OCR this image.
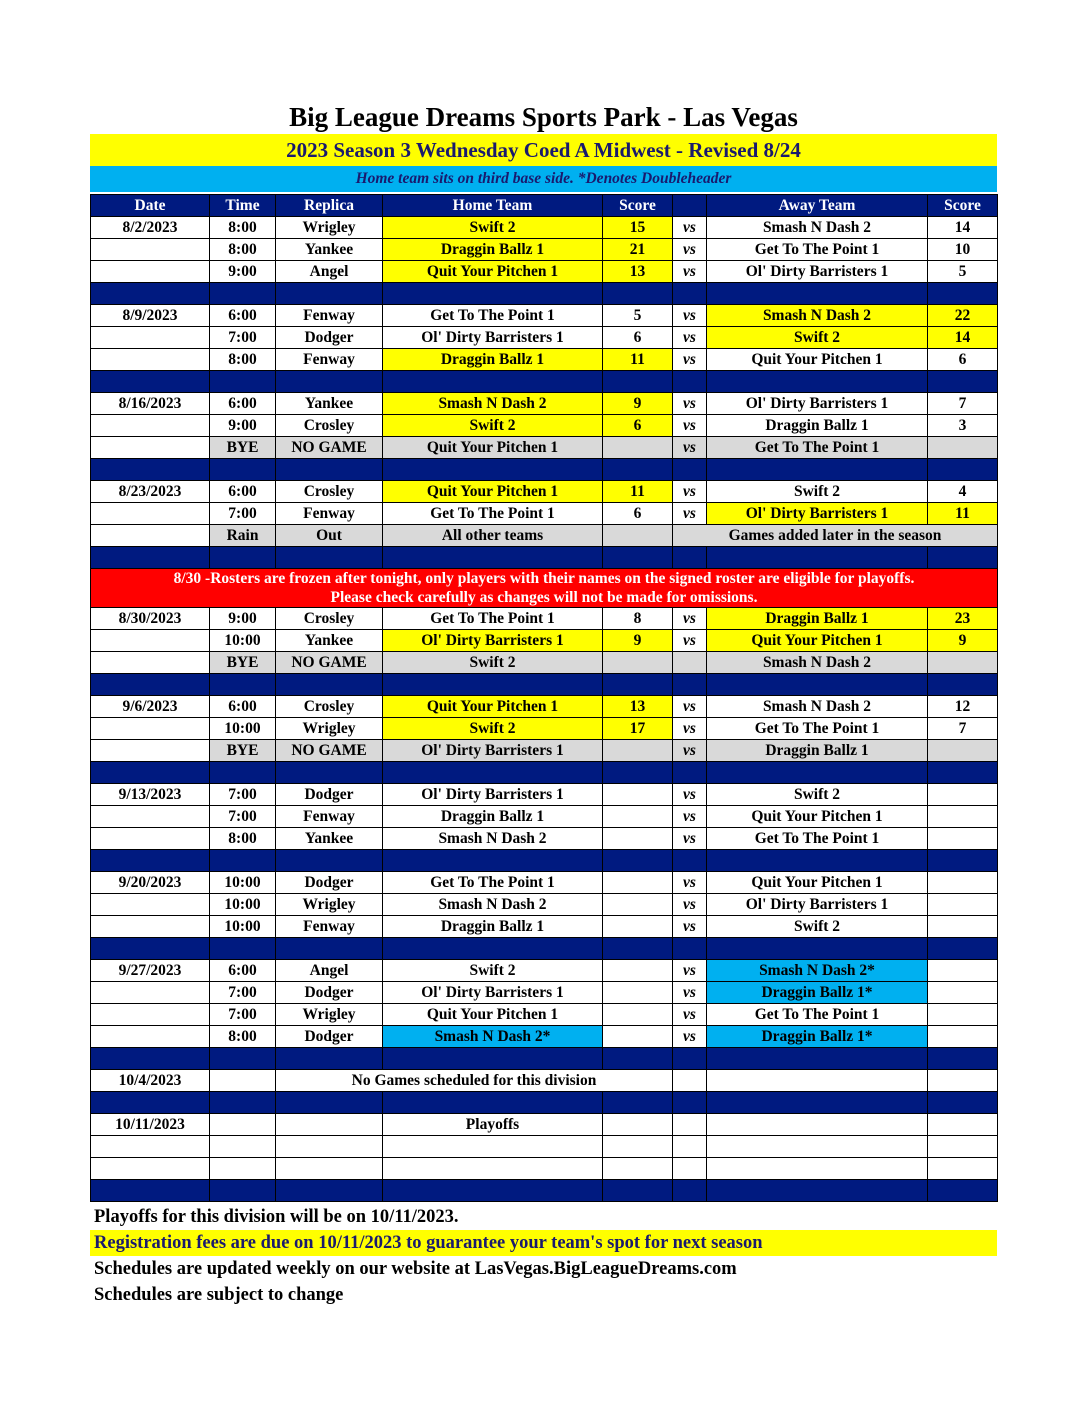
Big League Dreams Sports Park - Las Vegas
2023 Season 3 Wednesday Coed A Midwest - Revised 8/24
Home team sits on third base side. *Denotes Doubleheader
Date	Time	Replica	Home Team	Score		Away Team	Score
8/2/2023	8:00	Wrigley	Swift 2	15	vs	Smash N Dash 2	14
	8:00	Yankee	Draggin Ballz 1	21	vs	Get To The Point 1	10
	9:00	Angel	Quit Your Pitchen 1	13	vs	Ol' Dirty Barristers 1	5

8/9/2023	6:00	Fenway	Get To The Point 1	5	vs	Smash N Dash 2	22
	7:00	Dodger	Ol' Dirty Barristers 1	6	vs	Swift 2	14
	8:00	Fenway	Draggin Ballz 1	11	vs	Quit Your Pitchen 1	6

8/16/2023	6:00	Yankee	Smash N Dash 2	9	vs	Ol' Dirty Barristers 1	7
	9:00	Crosley	Swift 2	6	vs	Draggin Ballz 1	3
	BYE	NO GAME	Quit Your Pitchen 1		vs	Get To The Point 1	

8/23/2023	6:00	Crosley	Quit Your Pitchen 1	11	vs	Swift 2	4
	7:00	Fenway	Get To The Point 1	6	vs	Ol' Dirty Barristers 1	11
	Rain	Out	All other teams		Games added later in the season		

8/30 -Rosters are frozen after tonight, only players with their names on the signed roster are eligible for playoffs.
Please check carefully as changes will not be made for omissions.							

8/30/2023	9:00	Crosley	Get To The Point 1	8	vs	Draggin Ballz 1	23
	10:00	Yankee	Ol' Dirty Barristers 1	9	vs	Quit Your Pitchen 1	9
	BYE	NO GAME	Swift 2			Smash N Dash 2	

9/6/2023	6:00	Crosley	Quit Your Pitchen 1	13	vs	Smash N Dash 2	12
	10:00	Wrigley	Swift 2	17	vs	Get To The Point 1	7
	BYE	NO GAME	Ol' Dirty Barristers 1		vs	Draggin Ballz 1	

9/13/2023	7:00	Dodger	Ol' Dirty Barristers 1		vs	Swift 2	
	7:00	Fenway	Draggin Ballz 1		vs	Quit Your Pitchen 1	
	8:00	Yankee	Smash N Dash 2		vs	Get To The Point 1	

9/20/2023	10:00	Dodger	Get To The Point 1		vs	Quit Your Pitchen 1	
	10:00	Wrigley	Smash N Dash 2		vs	Ol' Dirty Barristers 1	
	10:00	Fenway	Draggin Ballz 1		vs	Swift 2	

9/27/2023	6:00	Angel	Swift 2		vs	Smash N Dash 2*	
	7:00	Dodger	Ol' Dirty Barristers 1		vs	Draggin Ballz 1*	
	7:00	Wrigley	Quit Your Pitchen 1		vs	Get To The Point 1	
	8:00	Dodger	Smash N Dash 2*		vs	Draggin Ballz 1*	

10/4/2023		No Games scheduled for this division					

10/11/2023			Playoffs				

Playoffs for this division will be on 10/11/2023.
Registration fees are due on 10/11/2023 to guarantee your team's spot for next season
Schedules are updated weekly on our website at LasVegas.BigLeagueDreams.com
Schedules are subject to change
